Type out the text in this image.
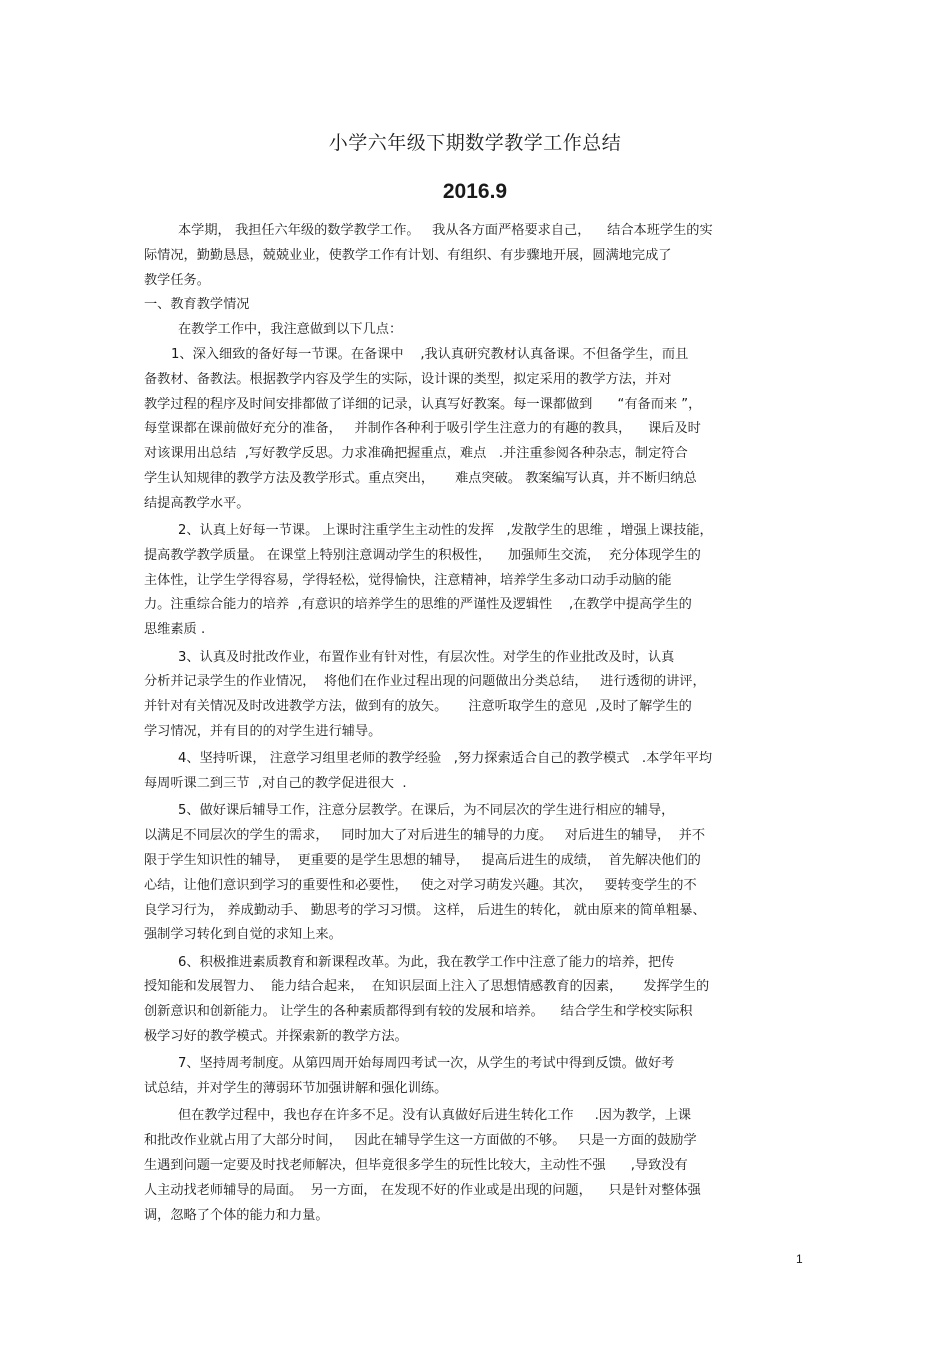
小学六年级下期数学教学工作总结
2016.9

本学期， 我担任六年级的数学教学工作。   我从各方面严格要求自己，    结合本班学生的实

际情况，勤勤恳恳，兢兢业业，使教学工作有计划、有组织、有步骤地开展，圆满地完成了

教学任务。

一、教育教学情况

在教学工作中，我注意做到以下几点：

1、深入细致的备好每一节课。在备课中    ,我认真研究教材认真备课。不但备学生，而且

备教材、备教法。根据教学内容及学生的实际，设计课的类型，拟定采用的教学方法，并对

教学过程的程序及时间安排都做了详细的记录，认真写好教案。每一课都做到      “有备而来 ”，

每堂课都在课前做好充分的准备，   并制作各种利于吸引学生注意力的有趣的教具，    课后及时

对该课用出总结  ,写好教学反思。力求准确把握重点，难点   .并注重参阅各种杂志，制定符合

学生认知规律的教学方法及教学形式。重点突出，     难点突破。 教案编写认真，并不断归纳总

结提高教学水平。

2、认真上好每一节课。 上课时注重学生主动性的发挥   ,发散学生的思维 ，增强上课技能，

提高教学教学质量。 在课堂上特别注意调动学生的积极性，    加强师生交流，  充分体现学生的

主体性，让学生学得容易，学得轻松，觉得愉快，注意精神，培养学生多动口动手动脑的能

力。注重综合能力的培养  ,有意识的培养学生的思维的严谨性及逻辑性    ,在教学中提高学生的

思维素质 .

3、认真及时批改作业，布置作业有针对性，有层次性。对学生的作业批改及时，认真

分析并记录学生的作业情况，  将他们在作业过程出现的问题做出分类总结，   进行透彻的讲评，

并针对有关情况及时改进教学方法，做到有的放矢。     注意听取学生的意见  ,及时了解学生的

学习情况，并有目的的对学生进行辅导。

4、坚持听课， 注意学习组里老师的教学经验   ,努力探索适合自己的教学模式   .本学年平均

每周听课二到三节  ,对自己的教学促进很大  .

5、做好课后辅导工作，注意分层教学。在课后，为不同层次的学生进行相应的辅导，

以满足不同层次的学生的需求，   同时加大了对后进生的辅导的力度。   对后进生的辅导，  并不

限于学生知识性的辅导，  更重要的是学生思想的辅导，   提高后进生的成绩，  首先解决他们的

心结，让他们意识到学习的重要性和必要性，   使之对学习萌发兴趣。其次，   要转变学生的不

良学习行为， 养成勤动手、 勤思考的学习习惯。 这样， 后进生的转化， 就由原来的简单粗暴、

强制学习转化到自觉的求知上来。

6、积极推进素质教育和新课程改革。为此，我在教学工作中注意了能力的培养，把传

授知能和发展智力、  能力结合起来，  在知识层面上注入了思想情感教育的因素，     发挥学生的

创新意识和创新能力。 让学生的各种素质都得到有较的发展和培养。    结合学生和学校实际积

极学习好的教学模式。并探索新的教学方法。

7、坚持周考制度。从第四周开始每周四考试一次，从学生的考试中得到反馈。做好考

试总结，并对学生的薄弱环节加强讲解和强化训练。

但在教学过程中，我也存在许多不足。没有认真做好后进生转化工作     .因为教学，上课

和批改作业就占用了大部分时间，   因此在辅导学生这一方面做的不够。   只是一方面的鼓励学

生遇到问题一定要及时找老师解决，但毕竟很多学生的玩性比较大，主动性不强      ,导致没有

人主动找老师辅导的局面。  另一方面， 在发现不好的作业或是出现的问题，    只是针对整体强

调，忽略了个体的能力和力量。

1
